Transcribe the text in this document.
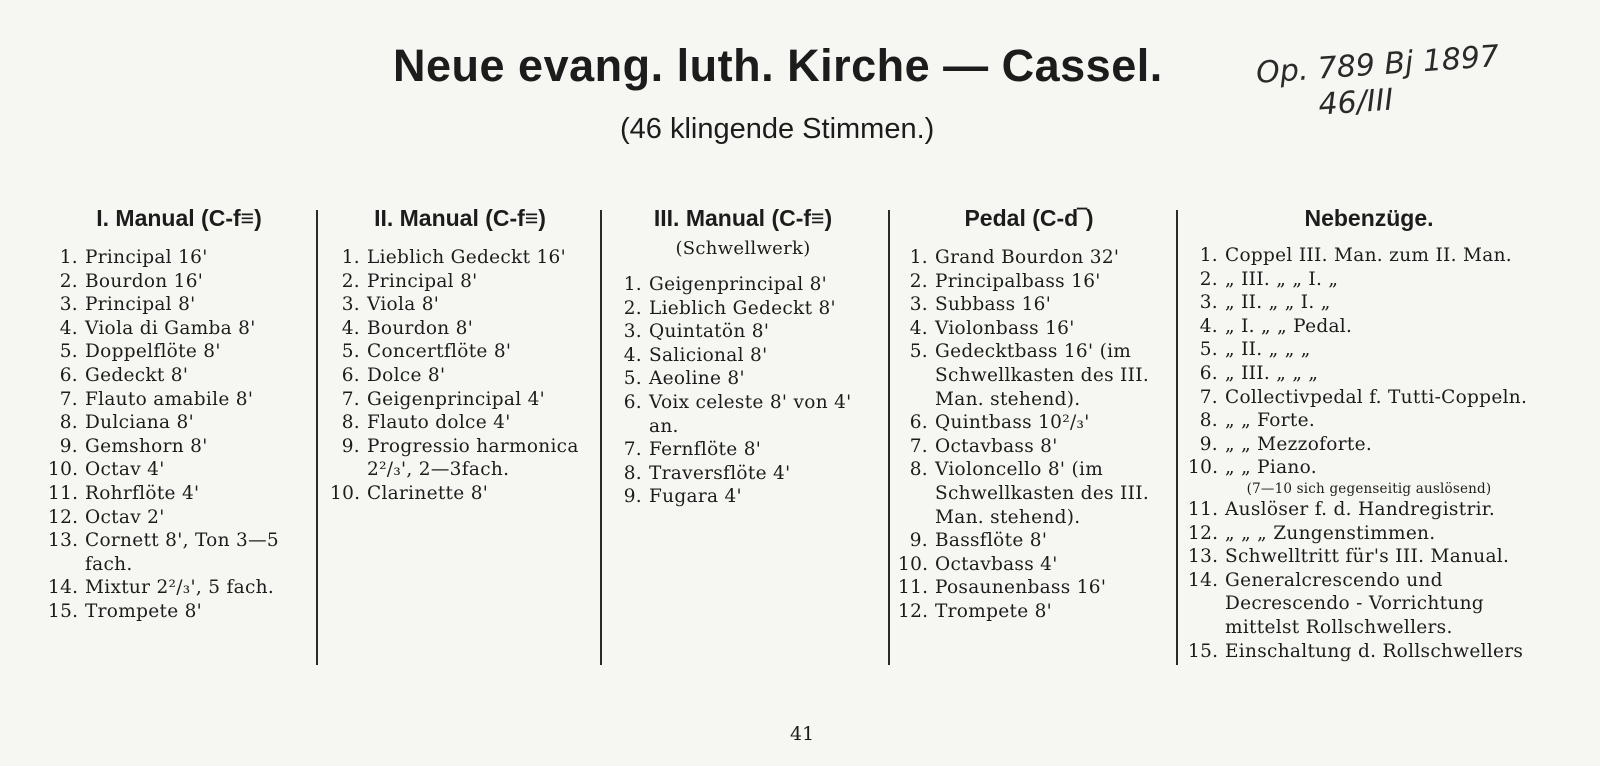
Neue evang. luth. Kirche — Cassel.
(46 klingende Stimmen.)
Op. 789 Bj 1897
46/III
I. Manual (C-f≡)
1. Principal 16'
2. Bourdon 16'
3. Principal 8'
4. Viola di Gamba 8'
5. Doppelflöte 8'
6. Gedeckt 8'
7. Flauto amabile 8'
8. Dulciana 8'
9. Gemshorn 8'
10. Octav 4'
11. Rohrflöte 4'
12. Octav 2'
13. Cornett 8', Ton 3—5 fach.
14. Mixtur 2²/₃', 5 fach.
15. Trompete 8'
II. Manual (C-f≡)
1. Lieblich Gedeckt 16'
2. Principal 8'
3. Viola 8'
4. Bourdon 8'
5. Concertflöte 8'
6. Dolce 8'
7. Geigenprincipal 4'
8. Flauto dolce 4'
9. Progressio harmonica 2²/₃', 2—3fach.
10. Clarinette 8'
III. Manual (C-f≡)
(Schwellwerk)
1. Geigenprincipal 8'
2. Lieblich Gedeckt 8'
3. Quintatön 8'
4. Salicional 8'
5. Aeoline 8'
6. Voix celeste 8' von 4' an.
7. Fernflöte 8'
8. Traversflöte 4'
9. Fugara 4'
Pedal (C-d‾)
1. Grand Bourdon 32'
2. Principalbass 16'
3. Subbass 16'
4. Violonbass 16'
5. Gedecktbass 16' (im Schwellkasten des III. Man. stehend).
6. Quintbass 10²/₃'
7. Octavbass 8'
8. Violoncello 8' (im Schwellkasten des III. Man. stehend).
9. Bassflöte 8'
10. Octavbass 4'
11. Posaunenbass 16'
12. Trompete 8'
Nebenzüge.
1. Coppel III. Man. zum II. Man.
2. „ III. „ „ I. „
3. „ II. „ „ I. „
4. „ I. „ „ Pedal.
5. „ II. „ „ „
6. „ III. „ „ „
7. Collectivpedal f. Tutti-Coppeln.
8. „ „ Forte.
9. „ „ Mezzoforte.
10. „ „ Piano.
(7—10 sich gegenseitig auslösend)
11. Auslöser f. d. Handregistrir.
12. „ „ „ Zungenstimmen.
13. Schwelltritt für's III. Manual.
14. Generalcrescendo und Decrescendo - Vorrichtung mittelst Rollschwellers.
15. Einschaltung d. Rollschwellers
41
